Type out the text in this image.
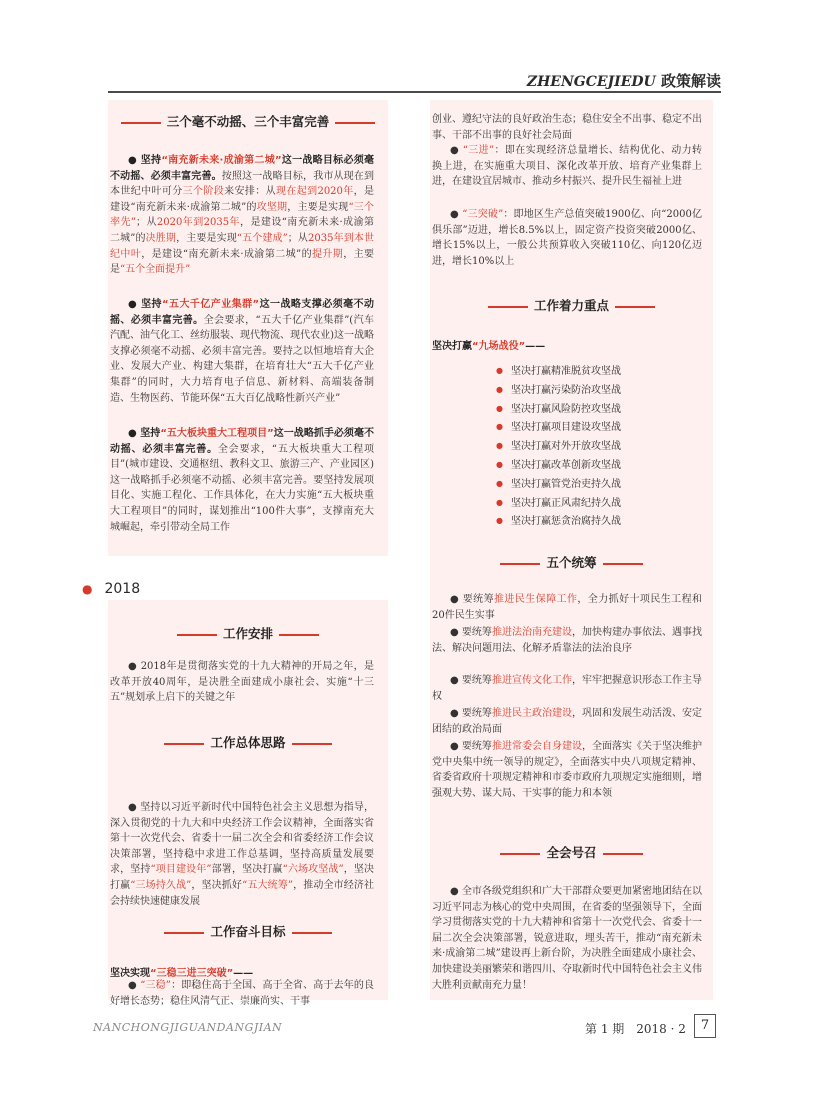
ZHENGCEJIEDU 政策解读
三个毫不动摇、三个丰富完善
● 坚持“南充新未来·成渝第二城”这一战略目标必须毫不动摇、必须丰富完善。按照这一战略目标，我市从现在到本世纪中叶可分三个阶段来安排：从现在起到2020年，是建设“南充新未来·成渝第二城”的攻坚期，主要是实现“三个率先”；从2020年到2035年，是建设“南充新未来·成渝第二城”的决胜期，主要是实现“五个建成”；从2035年到本世纪中叶，是建设“南充新未来·成渝第二城”的提升期，主要是“五个全面提升”
● 坚持“五大千亿产业集群”这一战略支撑必须毫不动摇、必须丰富完善。全会要求，“五大千亿产业集群”(汽车汽配、油气化工、丝纺服装、现代物流、现代农业)这一战略支撑必须毫不动摇、必须丰富完善。要持之以恒地培育大企业、发展大产业、构建大集群，在培育壮大“五大千亿产业集群”的同时，大力培育电子信息、新材料、高端装备制造、生物医药、节能环保“五大百亿战略性新兴产业”
● 坚持“五大板块重大工程项目”这一战略抓手必须毫不动摇、必须丰富完善。全会要求，“五大板块重大工程项目”(城市建设、交通枢纽、教科文卫、旅游三产、产业园区)这一战略抓手必须毫不动摇、必须丰富完善。要坚持发展项目化、实施工程化、工作具体化，在大力实施“五大板块重大工程项目”的同时，谋划推出“100件大事”，支撑南充大城崛起，牵引带动全局工作
● 2018
工作安排
● 2018年是贯彻落实党的十九大精神的开局之年，是改革开放40周年，是决胜全面建成小康社会、实施“十三五”规划承上启下的关键之年
工作总体思路
● 坚持以习近平新时代中国特色社会主义思想为指导，深入贯彻党的十九大和中央经济工作会议精神，全面落实省第十一次党代会、省委十一届二次全会和省委经济工作会议决策部署，坚持稳中求进工作总基调，坚持高质量发展要求，坚持“项目建设年”部署，坚决打赢“六场攻坚战”，坚决打赢“三场持久战”，坚决抓好“五大统筹”，推动全市经济社会持续快速健康发展
工作奋斗目标
坚决实现“三稳三进三突破”——
● “三稳”：即稳住高于全国、高于全省、高于去年的良好增长态势；稳住风清气正、崇廉尚实、干事
创业、遵纪守法的良好政治生态；稳住安全不出事、稳定不出事、干部不出事的良好社会局面
● “三进”：即在实现经济总量增长、结构优化、动力转换上进，在实施重大项目、深化改革开放、培育产业集群上进，在建设宜居城市、推动乡村振兴、提升民生福祉上进
● “三突破”：即地区生产总值突破1900亿、向“2000亿俱乐部”迈进，增长8.5%以上，固定资产投资突破2000亿、增长15%以上，一般公共预算收入突破110亿、向120亿迈进，增长10%以上
工作着力重点
坚决打赢“九场战役”——
● 坚决打赢精准脱贫攻坚战
● 坚决打赢污染防治攻坚战
● 坚决打赢风险防控攻坚战
● 坚决打赢项目建设攻坚战
● 坚决打赢对外开放攻坚战
● 坚决打赢改革创新攻坚战
● 坚决打赢管党治吏持久战
● 坚决打赢正风肃纪持久战
● 坚决打赢惩贪治腐持久战
五个统筹
● 要统筹推进民生保障工作，全力抓好十项民生工程和20件民生实事
● 要统筹推进法治南充建设，加快构建办事依法、遇事找法、解决问题用法、化解矛盾靠法的法治良序
● 要统筹推进宣传文化工作，牢牢把握意识形态工作主导权
● 要统筹推进民主政治建设，巩固和发展生动活泼、安定团结的政治局面
● 要统筹推进常委会自身建设，全面落实《关于坚决维护党中央集中统一领导的规定》，全面落实中央八项规定精神、省委省政府十项规定精神和市委市政府九项规定实施细则，增强观大势、谋大局、干实事的能力和本领
全会号召
● 全市各级党组织和广大干部群众要更加紧密地团结在以习近平同志为核心的党中央周围，在省委的坚强领导下，全面学习贯彻落实党的十九大精神和省第十一次党代会、省委十一届二次全会决策部署，锐意进取，埋头苦干，推动“南充新未来·成渝第二城”建设再上新台阶，为决胜全面建成小康社会、加快建设美丽繁荣和谐四川、夺取新时代中国特色社会主义伟大胜利贡献南充力量！
NANCHONGJIGUANDANGJIAN	第 1 期　2018 · 2	7
